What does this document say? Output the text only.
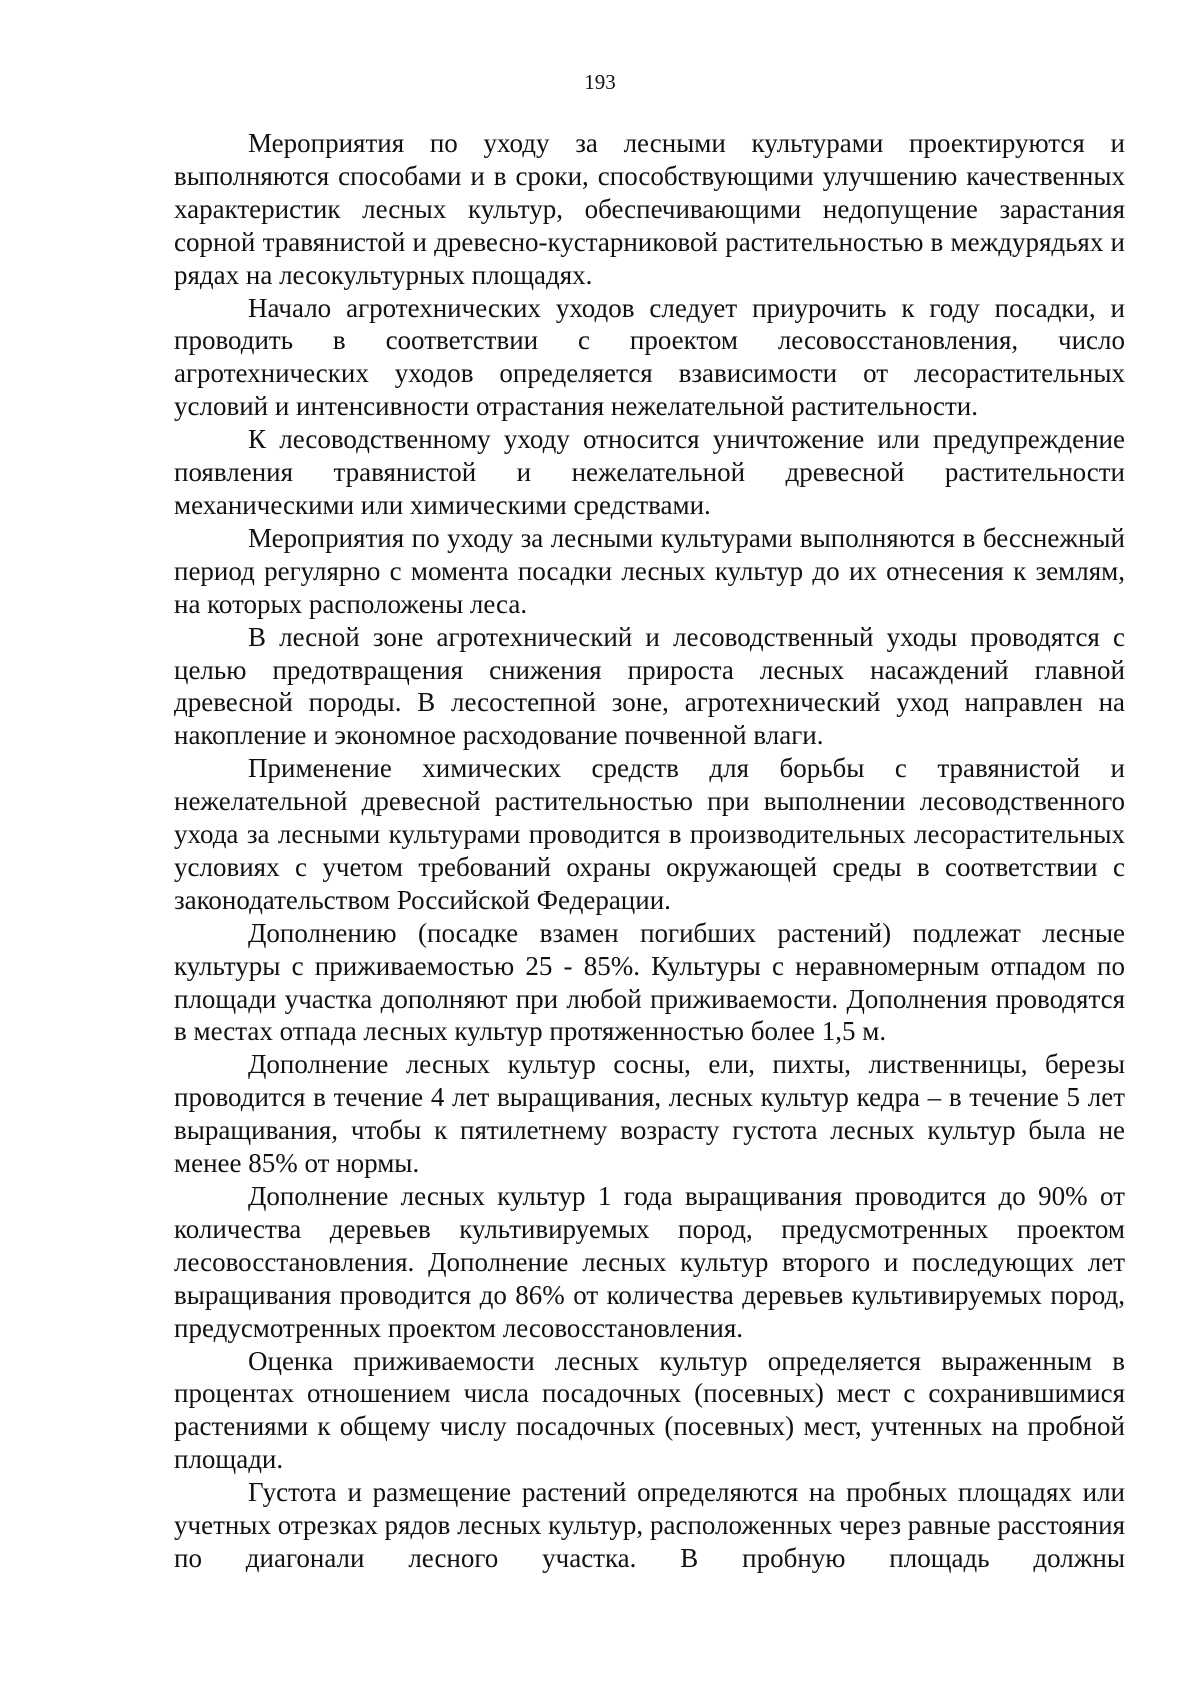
193

Мероприятия по уходу за лесными культурами проектируются и выполняются способами и в сроки, способствующими улучшению качественных характеристик лесных культур, обеспечивающими недопущение зарастания сорной травянистой и древесно-кустарниковой растительностью в междурядьях и рядах на лесокультурных площадях.

Начало агротехнических уходов следует приурочить к году посадки, и проводить в соответствии с проектом лесовосстановления, число агротехнических уходов определяется взависимости от лесорастительных условий и интенсивности отрастания нежелательной растительности.

К лесоводственному уходу относится уничтожение или предупреждение появления травянистой и нежелательной древесной растительности механическими или химическими средствами.

Мероприятия по уходу за лесными культурами выполняются в бесснежный период регулярно с момента посадки лесных культур до их отнесения к землям, на которых расположены леса.

В лесной зоне агротехнический и лесоводственный уходы проводятся с целью предотвращения снижения прироста лесных насаждений главной древесной породы. В лесостепной зоне, агротехнический уход направлен на накопление и экономное расходование почвенной влаги.

Применение химических средств для борьбы с травянистой и нежелательной древесной растительностью при выполнении лесоводственного ухода за лесными культурами проводится в производительных лесорастительных условиях с учетом требований охраны окружающей среды в соответствии с законодательством Российской Федерации.

Дополнению (посадке взамен погибших растений) подлежат лесные культуры с приживаемостью 25 - 85%. Культуры с неравномерным отпадом по площади участка дополняют при любой приживаемости. Дополнения проводятся в местах отпада лесных культур протяженностью более 1,5 м.

Дополнение лесных культур сосны, ели, пихты, лиственницы, березы проводится в течение 4 лет выращивания, лесных культур кедра – в течение 5 лет выращивания, чтобы к пятилетнему возрасту густота лесных культур была не менее 85% от нормы.

Дополнение лесных культур 1 года выращивания проводится до 90% от количества деревьев культивируемых пород, предусмотренных проектом лесовосстановления. Дополнение лесных культур второго и последующих лет выращивания проводится до 86% от количества деревьев культивируемых пород, предусмотренных проектом лесовосстановления.

Оценка приживаемости лесных культур определяется выраженным в процентах отношением числа посадочных (посевных) мест с сохранившимися растениями к общему числу посадочных (посевных) мест, учтенных на пробной площади.

Густота и размещение растений определяются на пробных площадях или учетных отрезках рядов лесных культур, расположенных через равные расстояния по диагонали лесного участка. В пробную площадь должны
